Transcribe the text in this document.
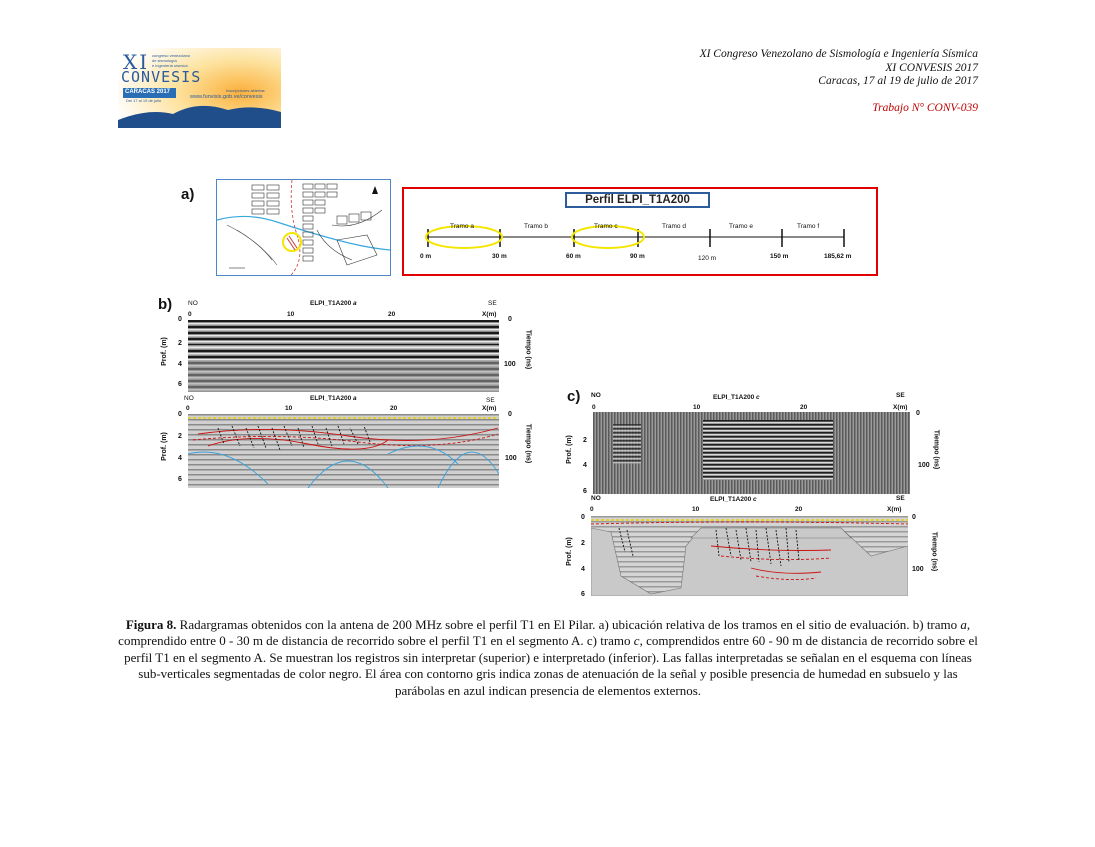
XI congreso venezolano
de sismología
e ingeniería sísmica
CONVESIS
CARACAS 2017
Del 17 al 19 de julio
Inscripciones abiertas
www.funvisis.gob.ve/convesis
XI Congreso Venezolano de Sismología e Ingeniería Sísmica
XI CONVESIS 2017
Caracas, 17 al 19 de julio de 2017
Trabajo N° CONV-039
a)	Perfil ELPI_T1A200
Tramo a	Tramo b	Tramo c	Tramo d	Tramo e	Tramo f
0 m	30 m	60 m	90 m	120 m	150 m	185,62 m
b) NO	ELPI_T1A200 a	SE
0	10	20	X(m)
0
2
4
6
0
100
Prof. (m)	Tiempo (ns)
NO	ELPI_T1A200 a	SE
0	10	20	X(m)
0
2
4
6
0
100
Prof. (m)	Tiempo (ns)
c) NO	ELPI_T1A200 c	SE
0	10	20	X(m)
2
4
6
0
100
Prof. (m)	Tiempo (ns)
NO	ELPI_T1A200 c	SE
0	10	20	X(m)
0
2
4
6
0
100
Prof. (m)	Tiempo (ns)
Figura 8. Radargramas obtenidos con la antena de 200 MHz sobre el perfil T1 en El Pilar. a) ubicación relativa de los tramos en el sitio de evaluación. b) tramo a, comprendido entre 0 - 30 m de distancia de recorrido sobre el perfil T1 en el segmento A. c) tramo c, comprendidos entre 60 - 90 m de distancia de recorrido sobre el perfil T1 en el segmento A. Se muestran los registros sin interpretar (superior) e interpretado (inferior). Las fallas interpretadas se señalan en el esquema con líneas sub-verticales segmentadas de color negro. El área con contorno gris indica zonas de atenuación de la señal y posible presencia de humedad en subsuelo y las parábolas en azul indican presencia de elementos externos.
